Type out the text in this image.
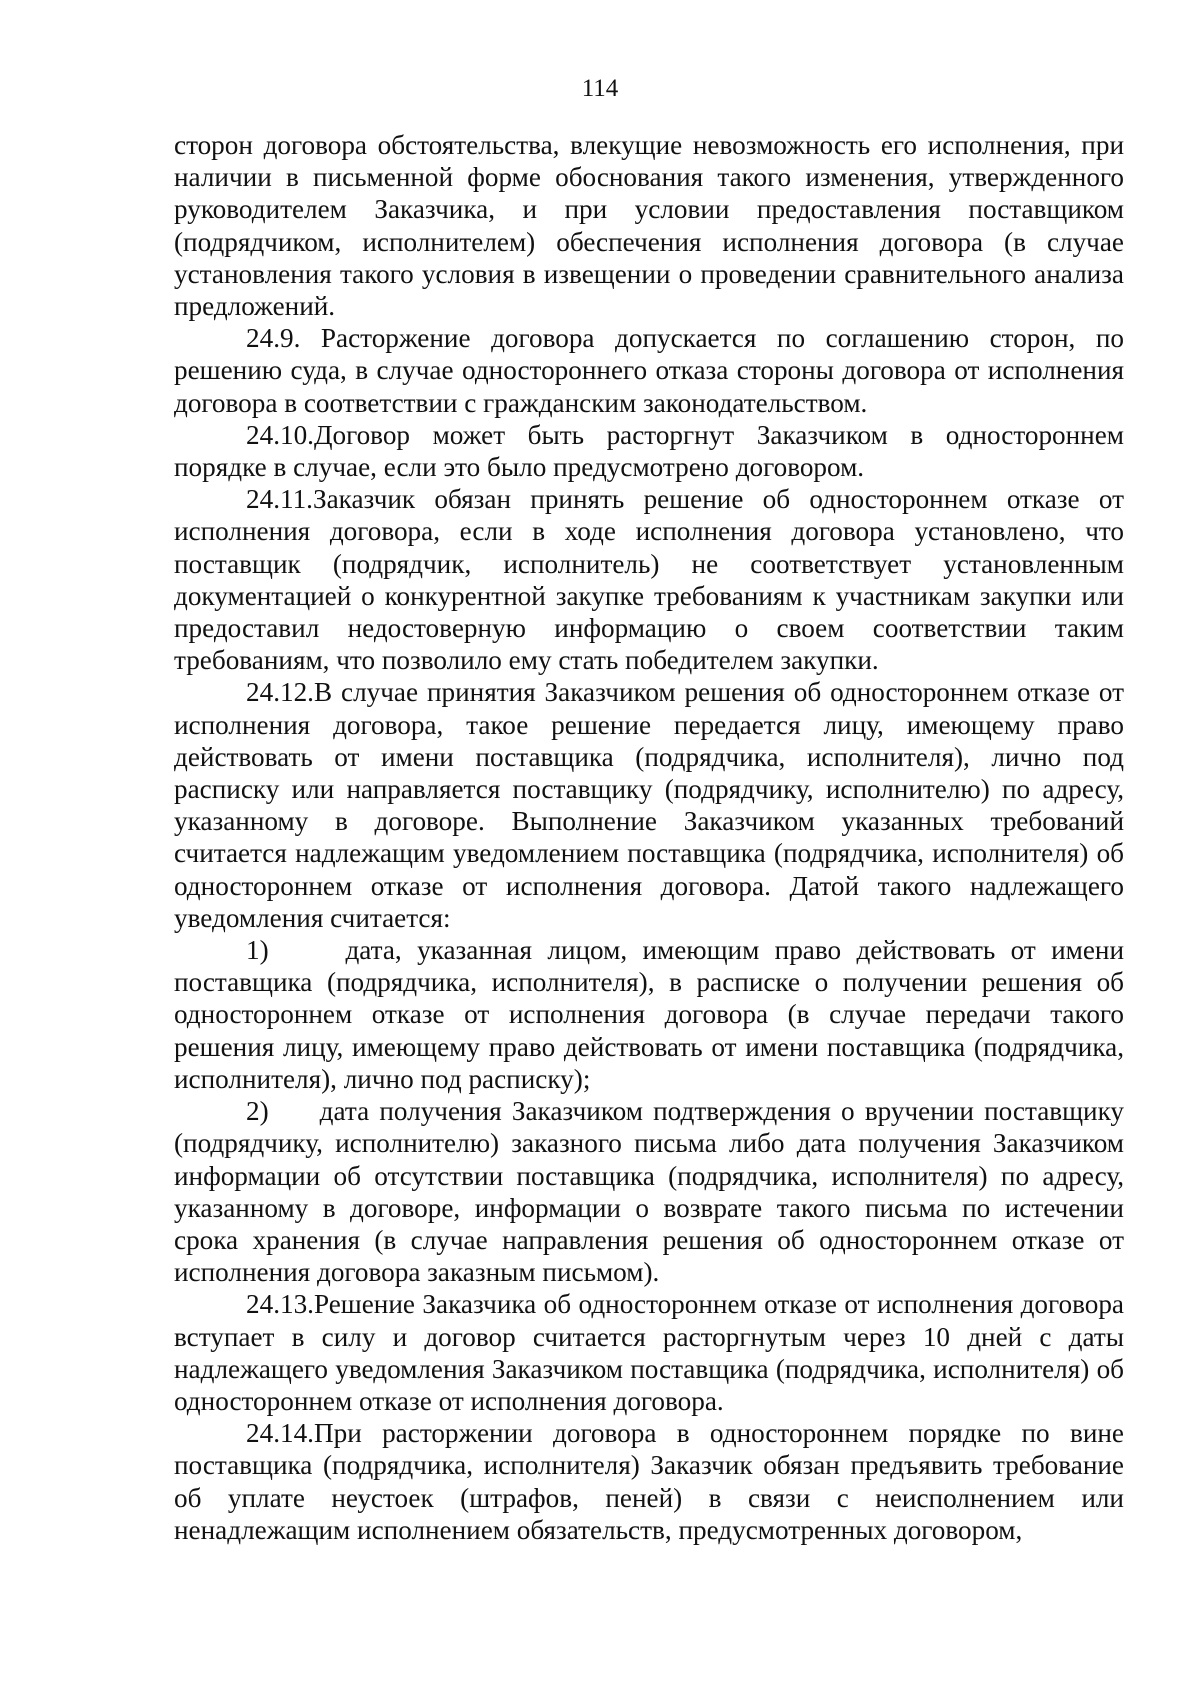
114

сторон договора обстоятельства, влекущие невозможность его исполнения, при наличии в письменной форме обоснования такого изменения, утвержденного руководителем Заказчика, и при условии предоставления поставщиком (подрядчиком, исполнителем) обеспечения исполнения договора (в случае установления такого условия в извещении о проведении сравнительного анализа предложений.

24.9. Расторжение договора допускается по соглашению сторон, по решению суда, в случае одностороннего отказа стороны договора от исполнения договора в соответствии с гражданским законодательством.

24.10.Договор может быть расторгнут Заказчиком в одностороннем порядке в случае, если это было предусмотрено договором.

24.11.Заказчик обязан принять решение об одностороннем отказе от исполнения договора, если в ходе исполнения договора установлено, что поставщик (подрядчик, исполнитель) не соответствует установленным документацией о конкурентной закупке требованиям к участникам закупки или предоставил недостоверную информацию о своем соответствии таким требованиям, что позволило ему стать победителем закупки.

24.12.В случае принятия Заказчиком решения об одностороннем отказе от исполнения договора, такое решение передается лицу, имеющему право действовать от имени поставщика (подрядчика, исполнителя), лично под расписку или направляется поставщику (подрядчику, исполнителю) по адресу, указанному в договоре. Выполнение Заказчиком указанных требований считается надлежащим уведомлением поставщика (подрядчика, исполнителя) об одностороннем отказе от исполнения договора. Датой такого надлежащего уведомления считается:

1)     дата, указанная лицом, имеющим право действовать от имени поставщика (подрядчика, исполнителя), в расписке о получении решения об одностороннем отказе от исполнения договора (в случае передачи такого решения лицу, имеющему право действовать от имени поставщика (подрядчика, исполнителя), лично под расписку);

2)     дата получения Заказчиком подтверждения о вручении поставщику (подрядчику, исполнителю) заказного письма либо дата получения Заказчиком информации об отсутствии поставщика (подрядчика, исполнителя) по адресу, указанному в договоре, информации о возврате такого письма по истечении срока хранения (в случае направления решения об одностороннем отказе от исполнения договора заказным письмом).

24.13.Решение Заказчика об одностороннем отказе от исполнения договора вступает в силу и договор считается расторгнутым через 10 дней с даты надлежащего уведомления Заказчиком поставщика (подрядчика, исполнителя) об одностороннем отказе от исполнения договора.

24.14.При расторжении договора в одностороннем порядке по вине поставщика (подрядчика, исполнителя) Заказчик обязан предъявить требование об уплате неустоек (штрафов, пеней) в связи с неисполнением или ненадлежащим исполнением обязательств, предусмотренных договором,
